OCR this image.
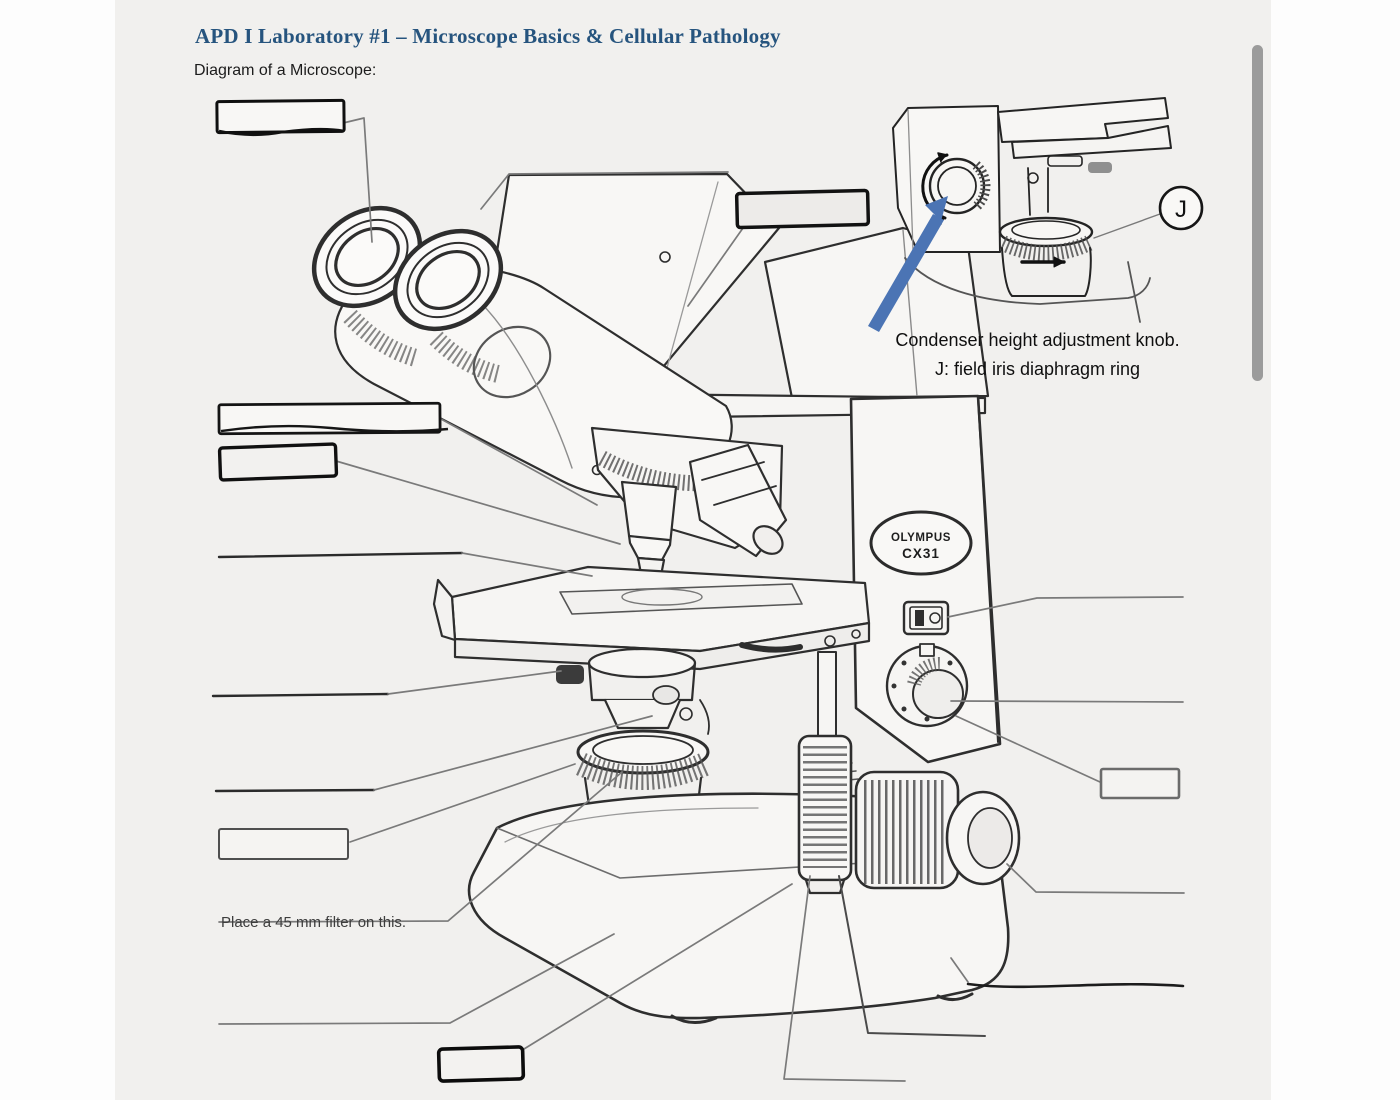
APD I Laboratory #1 – Microscope Basics & Cellular Pathology
Diagram of a Microscope:
OLYMPUS
CX31
J
Condenser height adjustment knob.
J: field iris diaphragm ring
Place a 45 mm filter on this.
